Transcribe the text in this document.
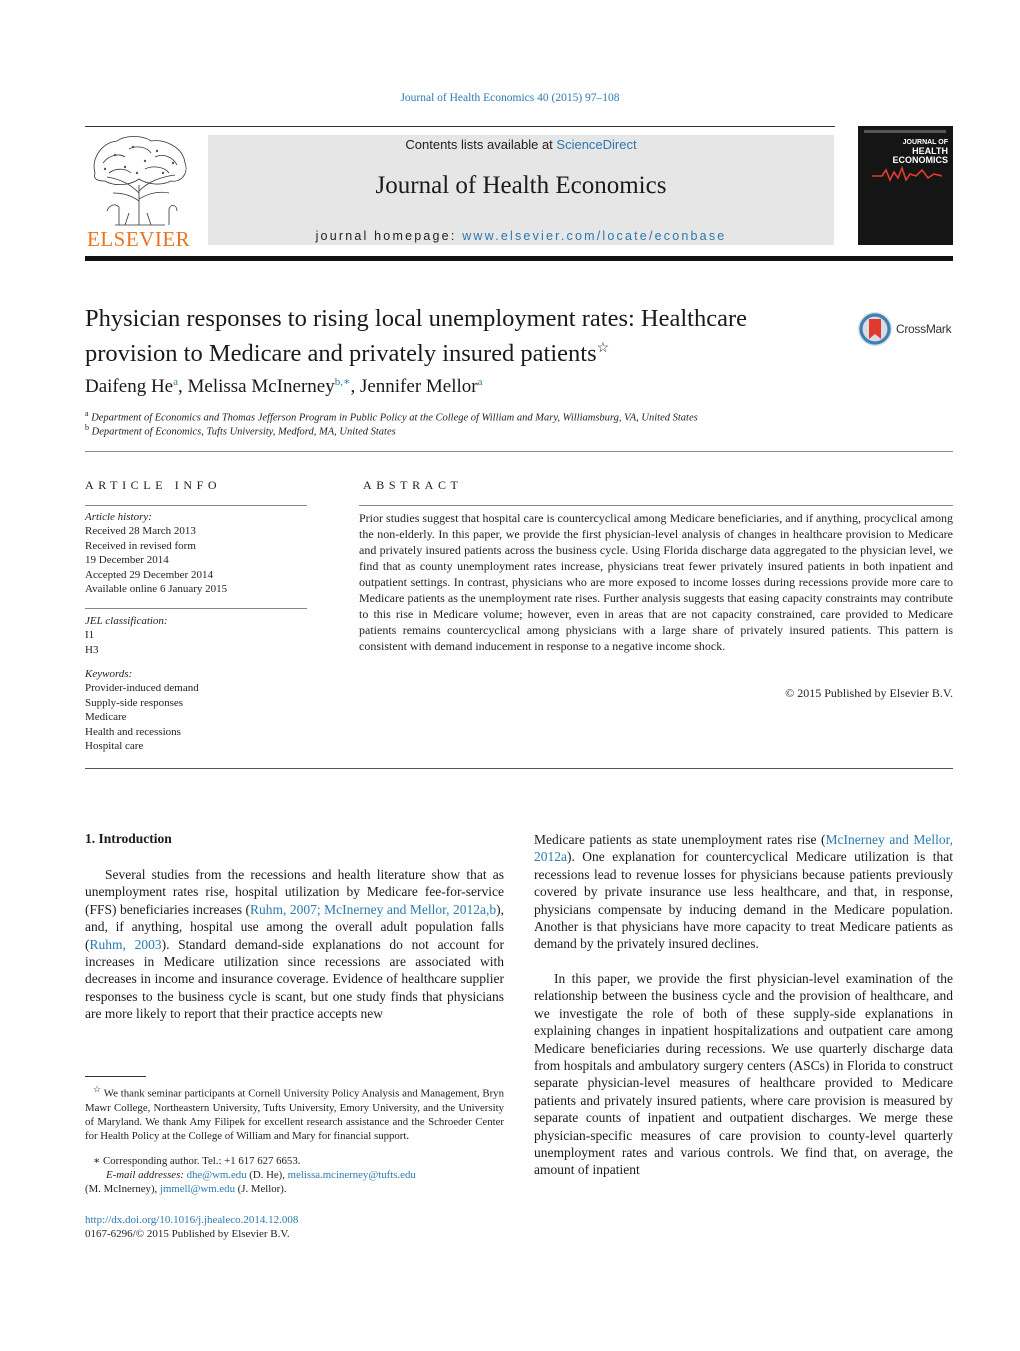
Journal of Health Economics 40 (2015) 97–108
ELSEVIER
Contents lists available at ScienceDirect
Journal of Health Economics
journal homepage: www.elsevier.com/locate/econbase
JOURNAL OF
HEALTH
ECONOMICS
Physician responses to rising local unemployment rates: Healthcare
provision to Medicare and privately insured patients☆
CrossMark
Daifeng He$^a$, Melissa McInerney$^{b,∗}$, Jennifer Mellor$^a$
$^a$ Department of Economics and Thomas Jefferson Program in Public Policy at the College of William and Mary, Williamsburg, VA, United States
$^b$ Department of Economics, Tufts University, Medford, MA, United States
ARTICLE INFO
Article history:
Received 28 March 2013
Received in revised form
19 December 2014
Accepted 29 December 2014
Available online 6 January 2015
JEL classification:
I1
H3
Keywords:
Provider-induced demand
Supply-side responses
Medicare
Health and recessions
Hospital care
ABSTRACT
Prior studies suggest that hospital care is countercyclical among Medicare beneficiaries, and if anything, procyclical among the non-elderly. In this paper, we provide the first physician-level analysis of changes in healthcare provision to Medicare and privately insured patients across the business cycle. Using Florida discharge data aggregated to the physician level, we find that as county unemployment rates increase, physicians treat fewer privately insured patients in both inpatient and outpatient settings. In contrast, physicians who are more exposed to income losses during recessions provide more care to Medicare patients as the unemployment rate rises. Further analysis suggests that easing capacity constraints may contribute to this rise in Medicare volume; however, even in areas that are not capacity constrained, care provided to Medicare patients remains countercyclical among physicians with a large share of privately insured patients. This pattern is consistent with demand inducement in response to a negative income shock.
© 2015 Published by Elsevier B.V.
1. Introduction
Several studies from the recessions and health literature show that as unemployment rates rise, hospital utilization by Medicare fee-for-service (FFS) beneficiaries increases (Ruhm, 2007; McInerney and Mellor, 2012a,b), and, if anything, hospital use among the overall adult population falls (Ruhm, 2003). Standard demand-side explanations do not account for increases in Medicare utilization since recessions are associated with decreases in income and insurance coverage. Evidence of healthcare supplier responses to the business cycle is scant, but one study finds that physicians are more likely to report that their practice accepts new
Medicare patients as state unemployment rates rise (McInerney and Mellor, 2012a). One explanation for countercyclical Medicare utilization is that recessions lead to revenue losses for physicians because patients previously covered by private insurance use less healthcare, and that, in response, physicians compensate by inducing demand in the Medicare population. Another is that physicians have more capacity to treat Medicare patients as demand by the privately insured declines.
In this paper, we provide the first physician-level examination of the relationship between the business cycle and the provision of healthcare, and we investigate the role of both of these supply-side explanations in explaining changes in inpatient hospitalizations and outpatient care among Medicare beneficiaries during recessions. We use quarterly discharge data from hospitals and ambulatory surgery centers (ASCs) in Florida to construct separate physician-level measures of healthcare provided to Medicare patients and privately insured patients, where care provision is measured by separate counts of inpatient and outpatient discharges. We merge these physician-specific measures of care provision to county-level quarterly unemployment rates and various controls. We find that, on average, the amount of inpatient
☆ We thank seminar participants at Cornell University Policy Analysis and Management, Bryn Mawr College, Northeastern University, Tufts University, Emory University, and the University of Maryland. We thank Amy Filipek for excellent research assistance and the Schroeder Center for Health Policy at the College of William and Mary for financial support.
∗ Corresponding author. Tel.: +1 617 627 6653.
E-mail addresses: dhe@wm.edu (D. He), melissa.mcinerney@tufts.edu
(M. McInerney), jmmell@wm.edu (J. Mellor).
http://dx.doi.org/10.1016/j.jhealeco.2014.12.008
0167-6296/© 2015 Published by Elsevier B.V.
